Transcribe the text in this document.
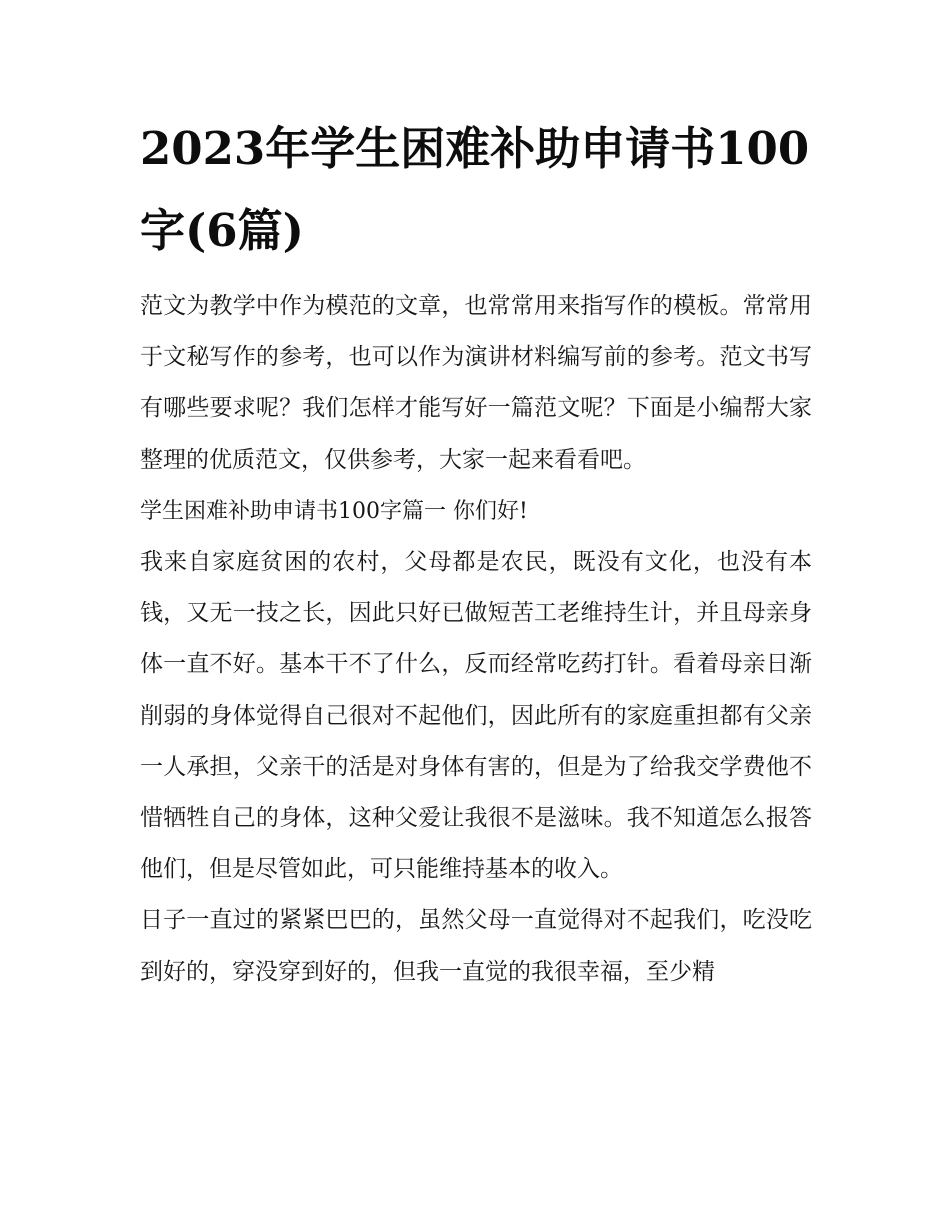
2023年学生困难补助申请书100字(6篇)

范文为教学中作为模范的文章，也常常用来指写作的模板。常常用于文秘写作的参考，也可以作为演讲材料编写前的参考。范文书写有哪些要求呢？我们怎样才能写好一篇范文呢？下面是小编帮大家整理的优质范文，仅供参考，大家一起来看看吧。

学生困难补助申请书100字篇一 你们好!

我来自家庭贫困的农村，父母都是农民，既没有文化，也没有本钱，又无一技之长，因此只好已做短苦工老维持生计，并且母亲身体一直不好。基本干不了什么，反而经常吃药打针。看着母亲日渐削弱的身体觉得自己很对不起他们，因此所有的家庭重担都有父亲一人承担，父亲干的活是对身体有害的，但是为了给我交学费他不惜牺牲自己的身体，这种父爱让我很不是滋味。我不知道怎么报答他们，但是尽管如此，可只能维持基本的收入。

日子一直过的紧紧巴巴的，虽然父母一直觉得对不起我们，吃没吃到好的，穿没穿到好的，但我一直觉的我很幸福，至少精
